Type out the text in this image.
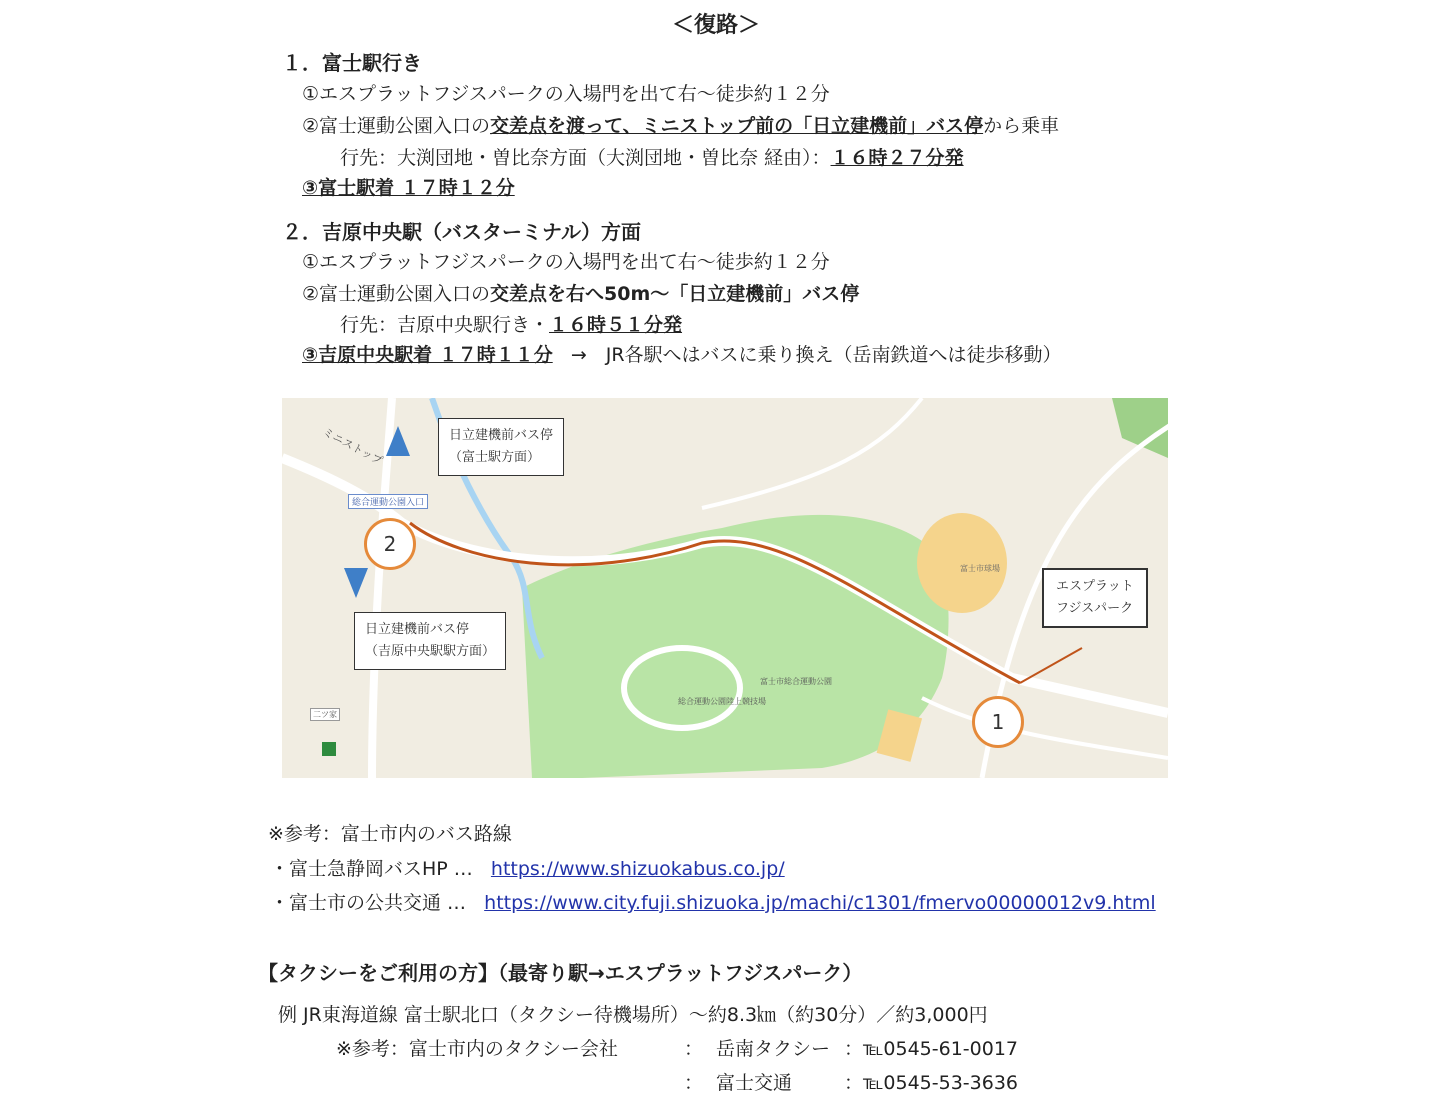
＜復路＞
１．富士駅行き
①エスプラットフジスパークの入場門を出て右～徒歩約１２分
②富士運動公園入口の交差点を渡って、ミニストップ前の「日立建機前」バス停から乗車
行先：大渕団地・曽比奈方面（大渕団地・曽比奈 経由）：１６時２７分発
③富士駅着 １７時１２分
２．吉原中央駅（バスターミナル）方面
①エスプラットフジスパークの入場門を出て右～徒歩約１２分
②富士運動公園入口の交差点を右へ50m～「日立建機前」バス停
行先：吉原中央駅行き・１６時５１分発
③吉原中央駅着 １７時１１分 →　JR各駅へはバスに乗り換え（岳南鉄道へは徒歩移動）
ミニストップ
総合運動公園入口
富士市球場
富士市総合運動公園
総合運動公園陸上競技場
二ツ家
日立建機前バス停
（富士駅方面）
日立建機前バス停
（吉原中央駅駅方面）
エスプラット
フジスパーク
2
1
※参考：富士市内のバス路線
・富士急静岡バスHP … https://www.shizuokabus.co.jp/
・富士市の公共交通 … https://www.city.fuji.shizuoka.jp/machi/c1301/fmervo00000012v9.html
【タクシーをご利用の方】（最寄り駅→エスプラットフジスパーク）
例 JR東海道線 富士駅北口（タクシー待機場所）～約8.3㎞（約30分）／約3,000円
※参考：富士市内のタクシー会社	： 岳南タクシー ：℡0545-61-0017
： 富士交通	：℡0545-53-3636
